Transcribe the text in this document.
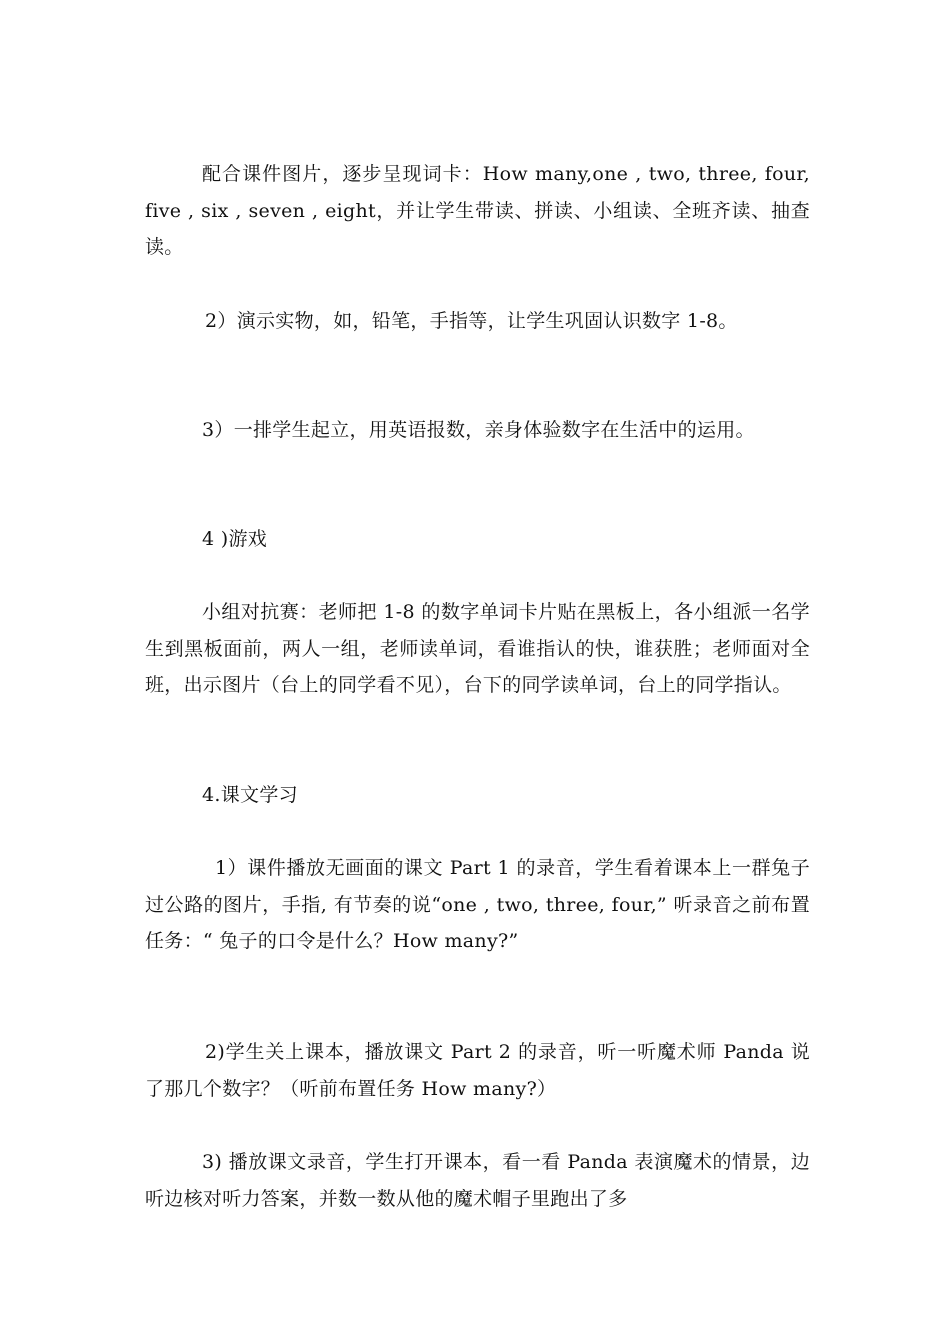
配合课件图片，逐步呈现词卡：How many,one , two, three, four, five , six , seven , eight，并让学生带读、拼读、小组读、全班齐读、抽查读。

2）演示实物，如，铅笔，手指等，让学生巩固认识数字 1-8。

3）一排学生起立，用英语报数，亲身体验数字在生活中的运用。

4 )游戏

小组对抗赛：老师把 1-8 的数字单词卡片贴在黑板上，各小组派一名学生到黑板面前，两人一组，老师读单词，看谁指认的快，谁获胜；老师面对全班，出示图片（台上的同学看不见），台下的同学读单词，台上的同学指认。

4.课文学习

1）课件播放无画面的课文 Part 1 的录音，学生看着课本上一群兔子过公路的图片，手指, 有节奏的说“one , two, three, four,” 听录音之前布置任务：“ 兔子的口令是什么？How many?”

2)学生关上课本，播放课文 Part 2 的录音，听一听魔术师 Panda 说了那几个数字？（听前布置任务 How many?）

3) 播放课文录音，学生打开课本，看一看 Panda 表演魔术的情景，边听边核对听力答案，并数一数从他的魔术帽子里跑出了多
